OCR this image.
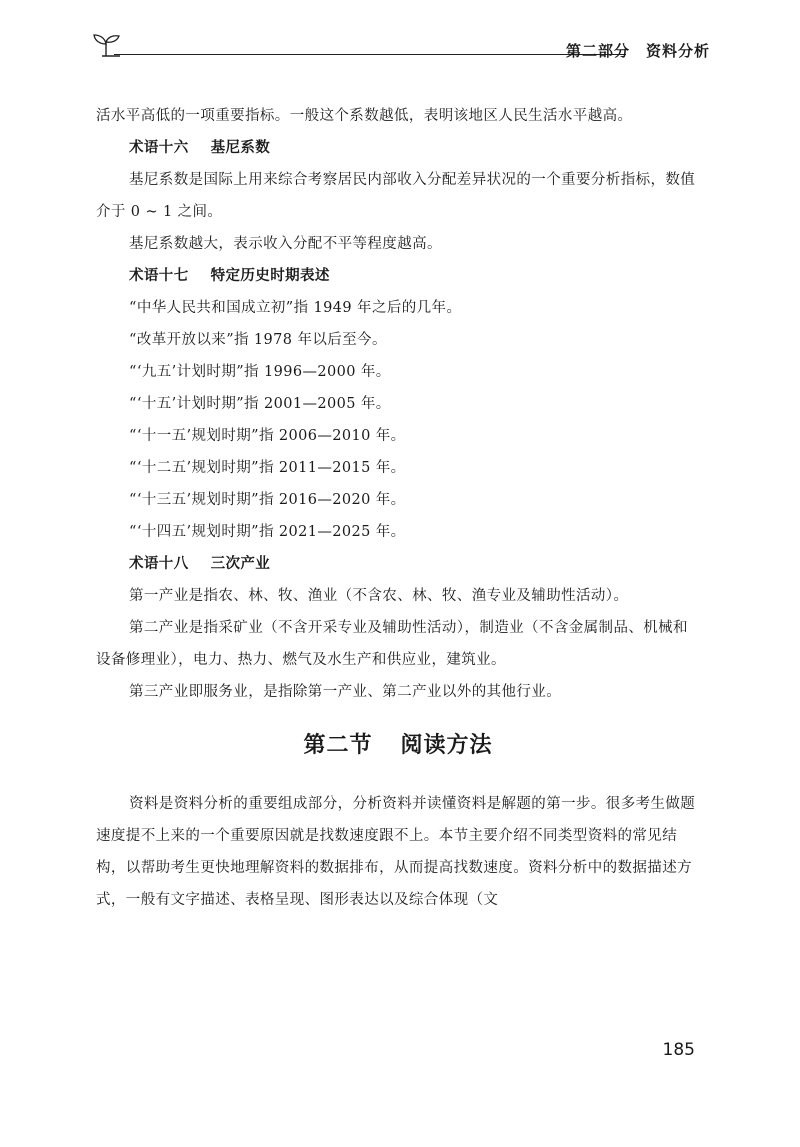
第二部分　资料分析

活水平高低的一项重要指标。一般这个系数越低，表明该地区人民生活水平越高。

术语十六 基尼系数

基尼系数是国际上用来综合考察居民内部收入分配差异状况的一个重要分析指标，数值介于 0 ~ 1 之间。

基尼系数越大，表示收入分配不平等程度越高。

术语十七 特定历史时期表述

“中华人民共和国成立初”指 1949 年之后的几年。

“改革开放以来”指 1978 年以后至今。

“‘九五’计划时期”指 1996—2000 年。

“‘十五’计划时期”指 2001—2005 年。

“‘十一五’规划时期”指 2006—2010 年。

“‘十二五’规划时期”指 2011—2015 年。

“‘十三五’规划时期”指 2016—2020 年。

“‘十四五’规划时期”指 2021—2025 年。

术语十八 三次产业

第一产业是指农、林、牧、渔业（不含农、林、牧、渔专业及辅助性活动）。

第二产业是指采矿业（不含开采专业及辅助性活动），制造业（不含金属制品、机械和设备修理业），电力、热力、燃气及水生产和供应业，建筑业。

第三产业即服务业，是指除第一产业、第二产业以外的其他行业。

第二节 阅读方法

资料是资料分析的重要组成部分，分析资料并读懂资料是解题的第一步。很多考生做题速度提不上来的一个重要原因就是找数速度跟不上。本节主要介绍不同类型资料的常见结构，以帮助考生更快地理解资料的数据排布，从而提高找数速度。资料分析中的数据描述方式，一般有文字描述、表格呈现、图形表达以及综合体现（文

185
